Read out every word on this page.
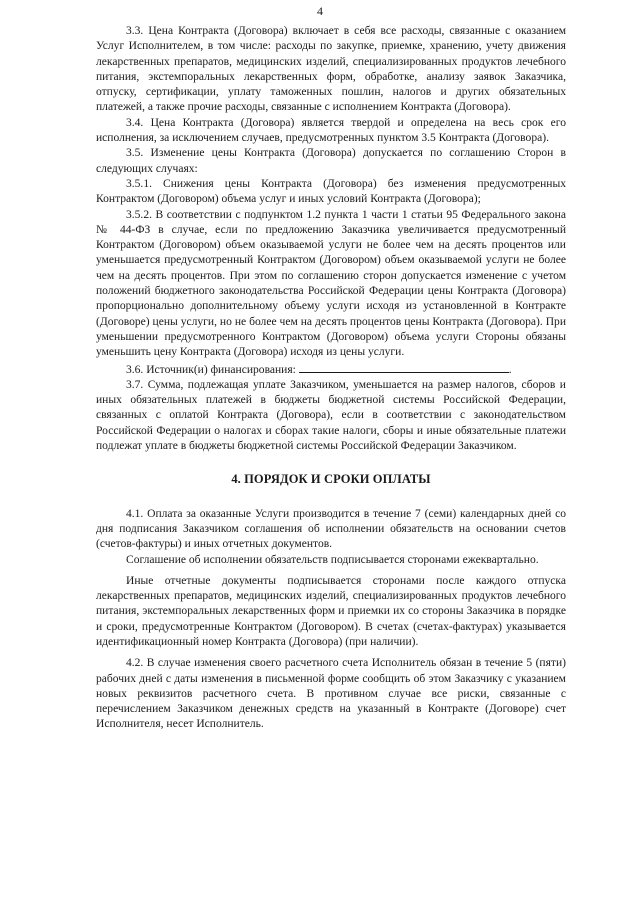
4

3.3. Цена Контракта (Договора) включает в себя все расходы, связанные с оказанием Услуг Исполнителем, в том числе: расходы по закупке, приемке, хранению, учету движения лекарственных препаратов, медицинских изделий, специализированных продуктов лечебного питания, экстемпоральных лекарственных форм, обработке, анализу заявок Заказчика, отпуску, сертификации, уплату таможенных пошлин, налогов и других обязательных платежей, а также прочие расходы, связанные с исполнением Контракта (Договора).

3.4. Цена Контракта (Договора) является твердой и определена на весь срок его исполнения, за исключением случаев, предусмотренных пунктом 3.5 Контракта (Договора).

3.5. Изменение цены Контракта (Договора) допускается по соглашению Сторон в следующих случаях:

3.5.1. Снижения цены Контракта (Договора) без изменения предусмотренных Контрактом (Договором) объема услуг и иных условий Контракта (Договора);

3.5.2. В соответствии с подпунктом 1.2 пункта 1 части 1 статьи 95 Федерального закона № 44-ФЗ в случае, если по предложению Заказчика увеличивается предусмотренный Контрактом (Договором) объем оказываемой услуги не более чем на десять процентов или уменьшается предусмотренный Контрактом (Договором) объем оказываемой услуги не более чем на десять процентов. При этом по соглашению сторон допускается изменение с учетом положений бюджетного законодательства Российской Федерации цены Контракта (Договора) пропорционально дополнительному объему услуги исходя из установленной в Контракте (Договоре) цены услуги, но не более чем на десять процентов цены Контракта (Договора). При уменьшении предусмотренного Контрактом (Договором) объема услуги Стороны обязаны уменьшить цену Контракта (Договора) исходя из цены услуги.

3.6. Источник(и) финансирования:	.

3.7. Сумма, подлежащая уплате Заказчиком, уменьшается на размер налогов, сборов и иных обязательных платежей в бюджеты бюджетной системы Российской Федерации, связанных с оплатой Контракта (Договора), если в соответствии с законодательством Российской Федерации о налогах и сборах такие налоги, сборы и иные обязательные платежи подлежат уплате в бюджеты бюджетной системы Российской Федерации Заказчиком.

4. ПОРЯДОК И СРОКИ ОПЛАТЫ

4.1. Оплата за оказанные Услуги производится в течение 7 (семи) календарных дней со дня подписания Заказчиком соглашения об исполнении обязательств на основании счетов (счетов-фактуры) и иных отчетных документов.

Соглашение об исполнении обязательств подписывается сторонами ежеквартально.

Иные отчетные документы подписывается сторонами после каждого отпуска лекарственных препаратов, медицинских изделий, специализированных продуктов лечебного питания, экстемпоральных лекарственных форм и приемки их со стороны Заказчика в порядке и сроки, предусмотренные Контрактом (Договором). В счетах (счетах-фактурах) указывается идентификационный номер Контракта (Договора) (при наличии).

4.2. В случае изменения своего расчетного счета Исполнитель обязан в течение 5 (пяти) рабочих дней с даты изменения в письменной форме сообщить об этом Заказчику с указанием новых реквизитов расчетного счета. В противном случае все риски, связанные с перечислением Заказчиком денежных средств на указанный в Контракте (Договоре) счет Исполнителя, несет Исполнитель.
